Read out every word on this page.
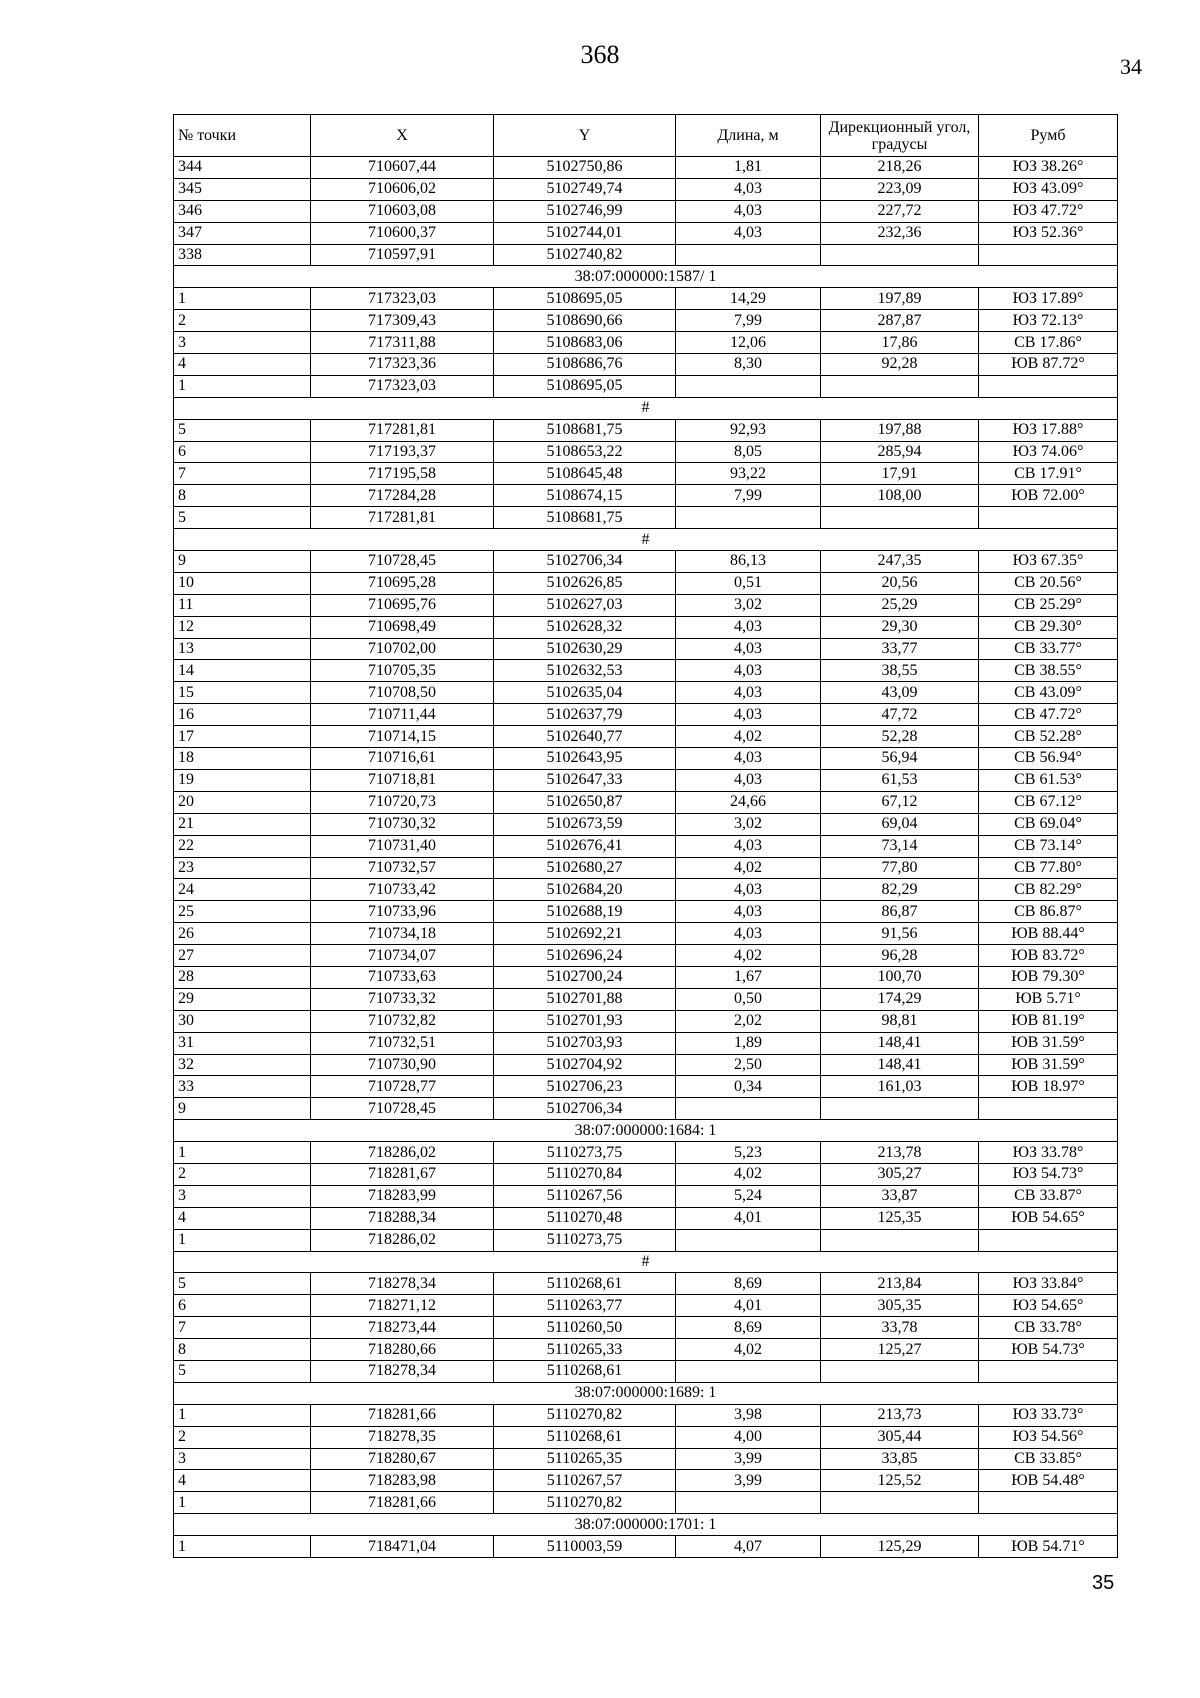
368	34
№ точки	X	Y	Длина, м	Дирекционный угол, градусы	Румб
344	710607,44	5102750,86	1,81	218,26	ЮЗ 38.26°
345	710606,02	5102749,74	4,03	223,09	ЮЗ 43.09°
346	710603,08	5102746,99	4,03	227,72	ЮЗ 47.72°
347	710600,37	5102744,01	4,03	232,36	ЮЗ 52.36°
338	710597,91	5102740,82			
38:07:000000:1587/ 1					
1	717323,03	5108695,05	14,29	197,89	ЮЗ 17.89°
2	717309,43	5108690,66	7,99	287,87	ЮЗ 72.13°
3	717311,88	5108683,06	12,06	17,86	СВ 17.86°
4	717323,36	5108686,76	8,30	92,28	ЮВ 87.72°
1	717323,03	5108695,05			
#					
5	717281,81	5108681,75	92,93	197,88	ЮЗ 17.88°
6	717193,37	5108653,22	8,05	285,94	ЮЗ 74.06°
7	717195,58	5108645,48	93,22	17,91	СВ 17.91°
8	717284,28	5108674,15	7,99	108,00	ЮВ 72.00°
5	717281,81	5108681,75			
#					
9	710728,45	5102706,34	86,13	247,35	ЮЗ 67.35°
10	710695,28	5102626,85	0,51	20,56	СВ 20.56°
11	710695,76	5102627,03	3,02	25,29	СВ 25.29°
12	710698,49	5102628,32	4,03	29,30	СВ 29.30°
13	710702,00	5102630,29	4,03	33,77	СВ 33.77°
14	710705,35	5102632,53	4,03	38,55	СВ 38.55°
15	710708,50	5102635,04	4,03	43,09	СВ 43.09°
16	710711,44	5102637,79	4,03	47,72	СВ 47.72°
17	710714,15	5102640,77	4,02	52,28	СВ 52.28°
18	710716,61	5102643,95	4,03	56,94	СВ 56.94°
19	710718,81	5102647,33	4,03	61,53	СВ 61.53°
20	710720,73	5102650,87	24,66	67,12	СВ 67.12°
21	710730,32	5102673,59	3,02	69,04	СВ 69.04°
22	710731,40	5102676,41	4,03	73,14	СВ 73.14°
23	710732,57	5102680,27	4,02	77,80	СВ 77.80°
24	710733,42	5102684,20	4,03	82,29	СВ 82.29°
25	710733,96	5102688,19	4,03	86,87	СВ 86.87°
26	710734,18	5102692,21	4,03	91,56	ЮВ 88.44°
27	710734,07	5102696,24	4,02	96,28	ЮВ 83.72°
28	710733,63	5102700,24	1,67	100,70	ЮВ 79.30°
29	710733,32	5102701,88	0,50	174,29	ЮВ 5.71°
30	710732,82	5102701,93	2,02	98,81	ЮВ 81.19°
31	710732,51	5102703,93	1,89	148,41	ЮВ 31.59°
32	710730,90	5102704,92	2,50	148,41	ЮВ 31.59°
33	710728,77	5102706,23	0,34	161,03	ЮВ 18.97°
9	710728,45	5102706,34			
38:07:000000:1684: 1					
1	718286,02	5110273,75	5,23	213,78	ЮЗ 33.78°
2	718281,67	5110270,84	4,02	305,27	ЮЗ 54.73°
3	718283,99	5110267,56	5,24	33,87	СВ 33.87°
4	718288,34	5110270,48	4,01	125,35	ЮВ 54.65°
1	718286,02	5110273,75			
#					
5	718278,34	5110268,61	8,69	213,84	ЮЗ 33.84°
6	718271,12	5110263,77	4,01	305,35	ЮЗ 54.65°
7	718273,44	5110260,50	8,69	33,78	СВ 33.78°
8	718280,66	5110265,33	4,02	125,27	ЮВ 54.73°
5	718278,34	5110268,61			
38:07:000000:1689: 1					
1	718281,66	5110270,82	3,98	213,73	ЮЗ 33.73°
2	718278,35	5110268,61	4,00	305,44	ЮЗ 54.56°
3	718280,67	5110265,35	3,99	33,85	СВ 33.85°
4	718283,98	5110267,57	3,99	125,52	ЮВ 54.48°
1	718281,66	5110270,82			
38:07:000000:1701: 1					
1	718471,04	5110003,59	4,07	125,29	ЮВ 54.71°
35
